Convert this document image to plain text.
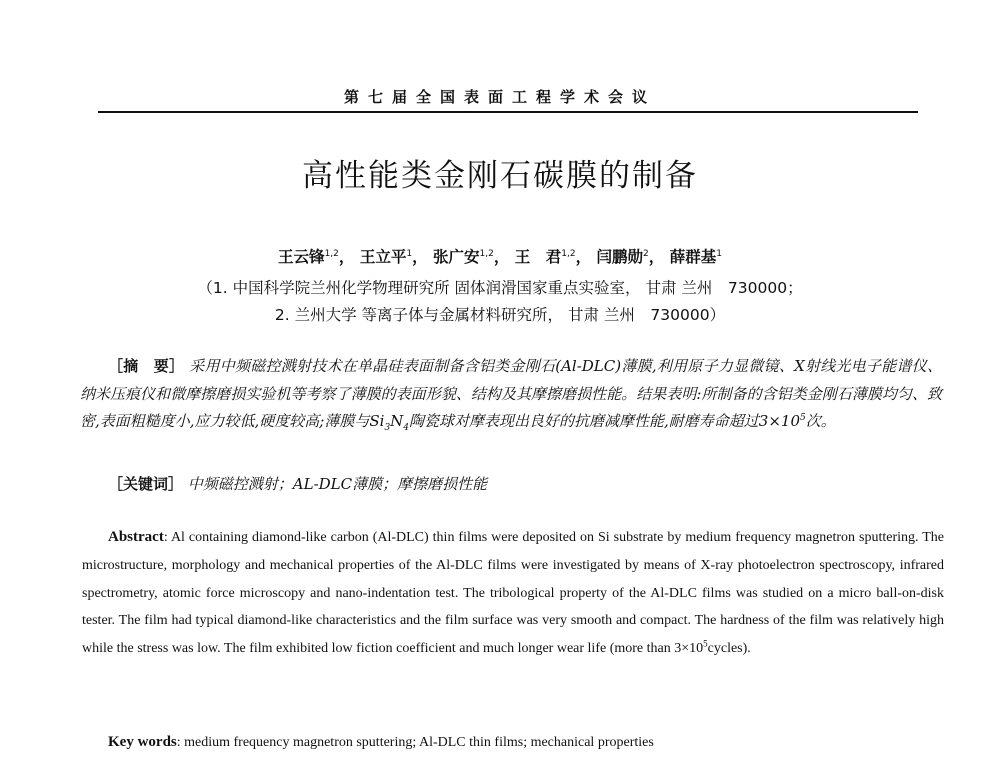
第七届全国表面工程学术会议
高性能类金刚石碳膜的制备
王云锋$^{1,2}$， 王立平$^1$， 张广安$^{1,2}$， 王　君$^{1,2}$， 闫鹏勋$^2$， 薛群基$^1$
（1. 中国科学院兰州化学物理研究所 固体润滑国家重点实验室， 甘肃 兰州　730000；
2. 兰州大学 等离子体与金属材料研究所， 甘肃 兰州　730000）

［摘　要］ 采用中频磁控溅射技术在单晶硅表面制备含铝类金刚石(Al-DLC)薄膜,利用原子力显微镜、X射线光电子能谱仪、纳米压痕仪和微摩擦磨损实验机等考察了薄膜的表面形貌、结构及其摩擦磨损性能。结果表明:所制备的含铝类金刚石薄膜均匀、致密,表面粗糙度小,应力较低,硬度较高;薄膜与$Si_3N_4$陶瓷球对摩表现出良好的抗磨减摩性能,耐磨寿命超过$3\times 10^5$次。

［关键词］ 中频磁控溅射；AL-DLC薄膜；摩擦磨损性能

Abstract: Al containing diamond-like carbon (Al-DLC) thin films were deposited on Si substrate by medium frequency magnetron sputtering. The microstructure, morphology and mechanical properties of the Al-DLC films were investigated by means of X-ray photoelectron spectroscopy, infrared spectrometry, atomic force microscopy and nano-indentation test. The tribological property of the Al-DLC films was studied on a micro ball-on-disk tester. The film had typical diamond-like characteristics and the film surface was very smooth and compact. The hardness of the film was relatively high while the stress was low. The film exhibited low fiction coefficient and much longer wear life (more than $3\times 10^5cycles$).

Key words: medium frequency magnetron sputtering; Al-DLC thin films; mechanical properties
